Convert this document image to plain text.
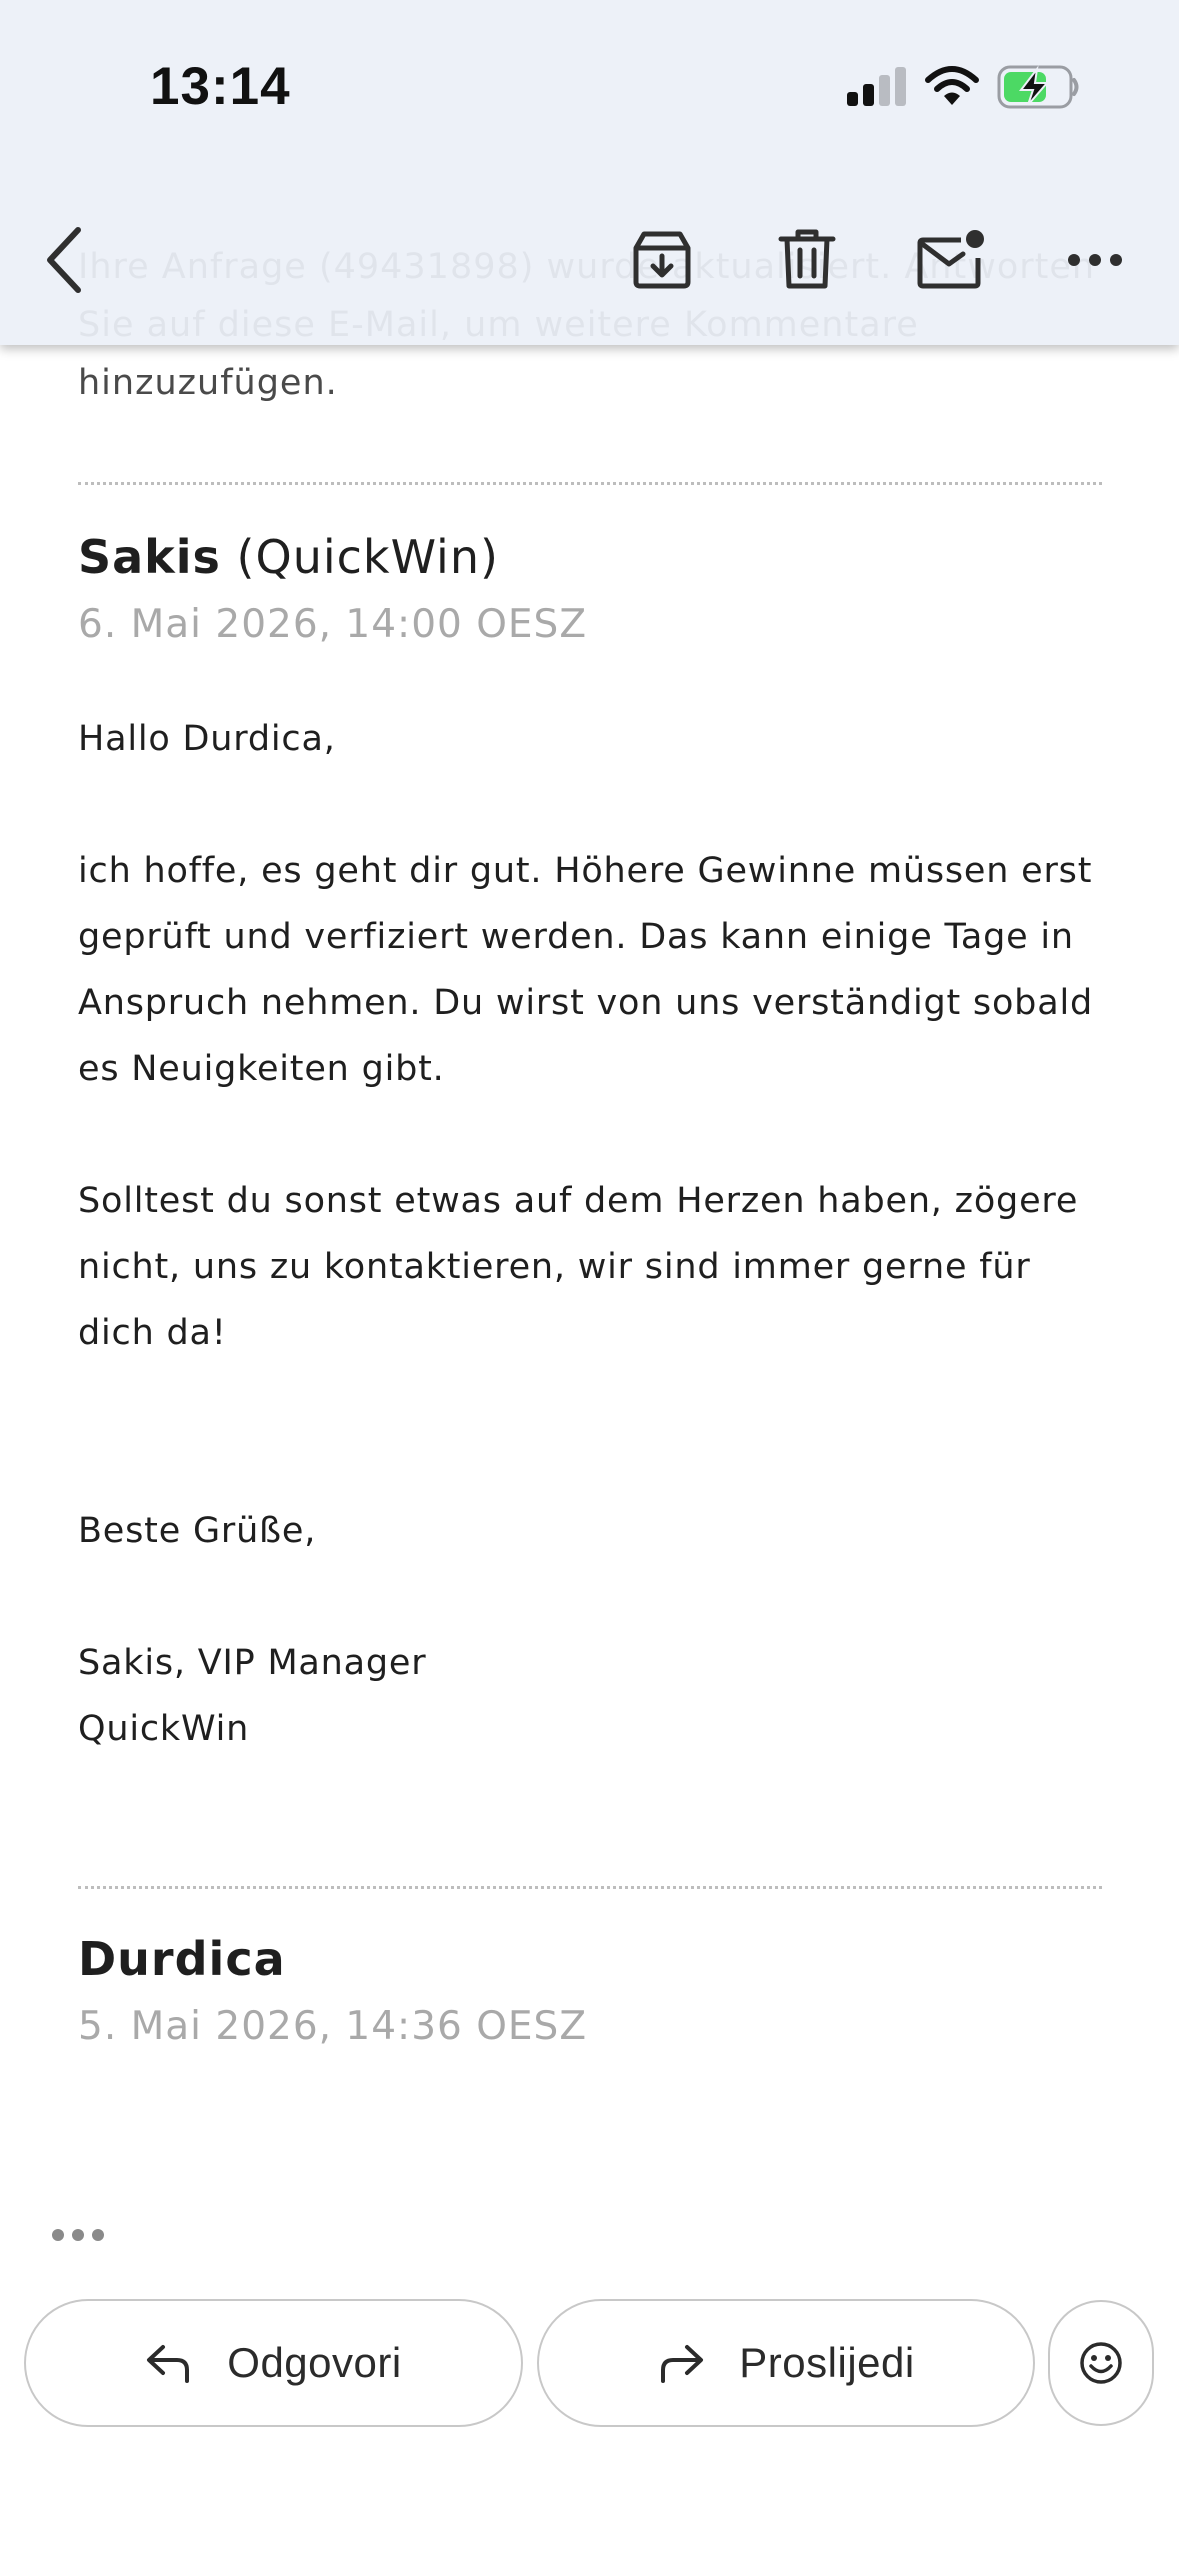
hinzuzufügen.

Sakis (QuickWin)
6. Mai 2026, 14:00 OESZ

Hallo Durdica,

ich hoffe, es geht dir gut. Höhere Gewinne müssen erst geprüft und verfiziert werden. Das kann einige Tage in Anspruch nehmen. Du wirst von uns verständigt sobald es Neuigkeiten gibt.

Solltest du sonst etwas auf dem Herzen haben, zögere nicht, uns zu kontaktieren, wir sind immer gerne für dich da!

Beste Grüße,

Sakis, VIP Manager

QuickWin

Durdica
5. Mai 2026, 14:36 OESZ
Odgovori	Proslijedi
13:14
